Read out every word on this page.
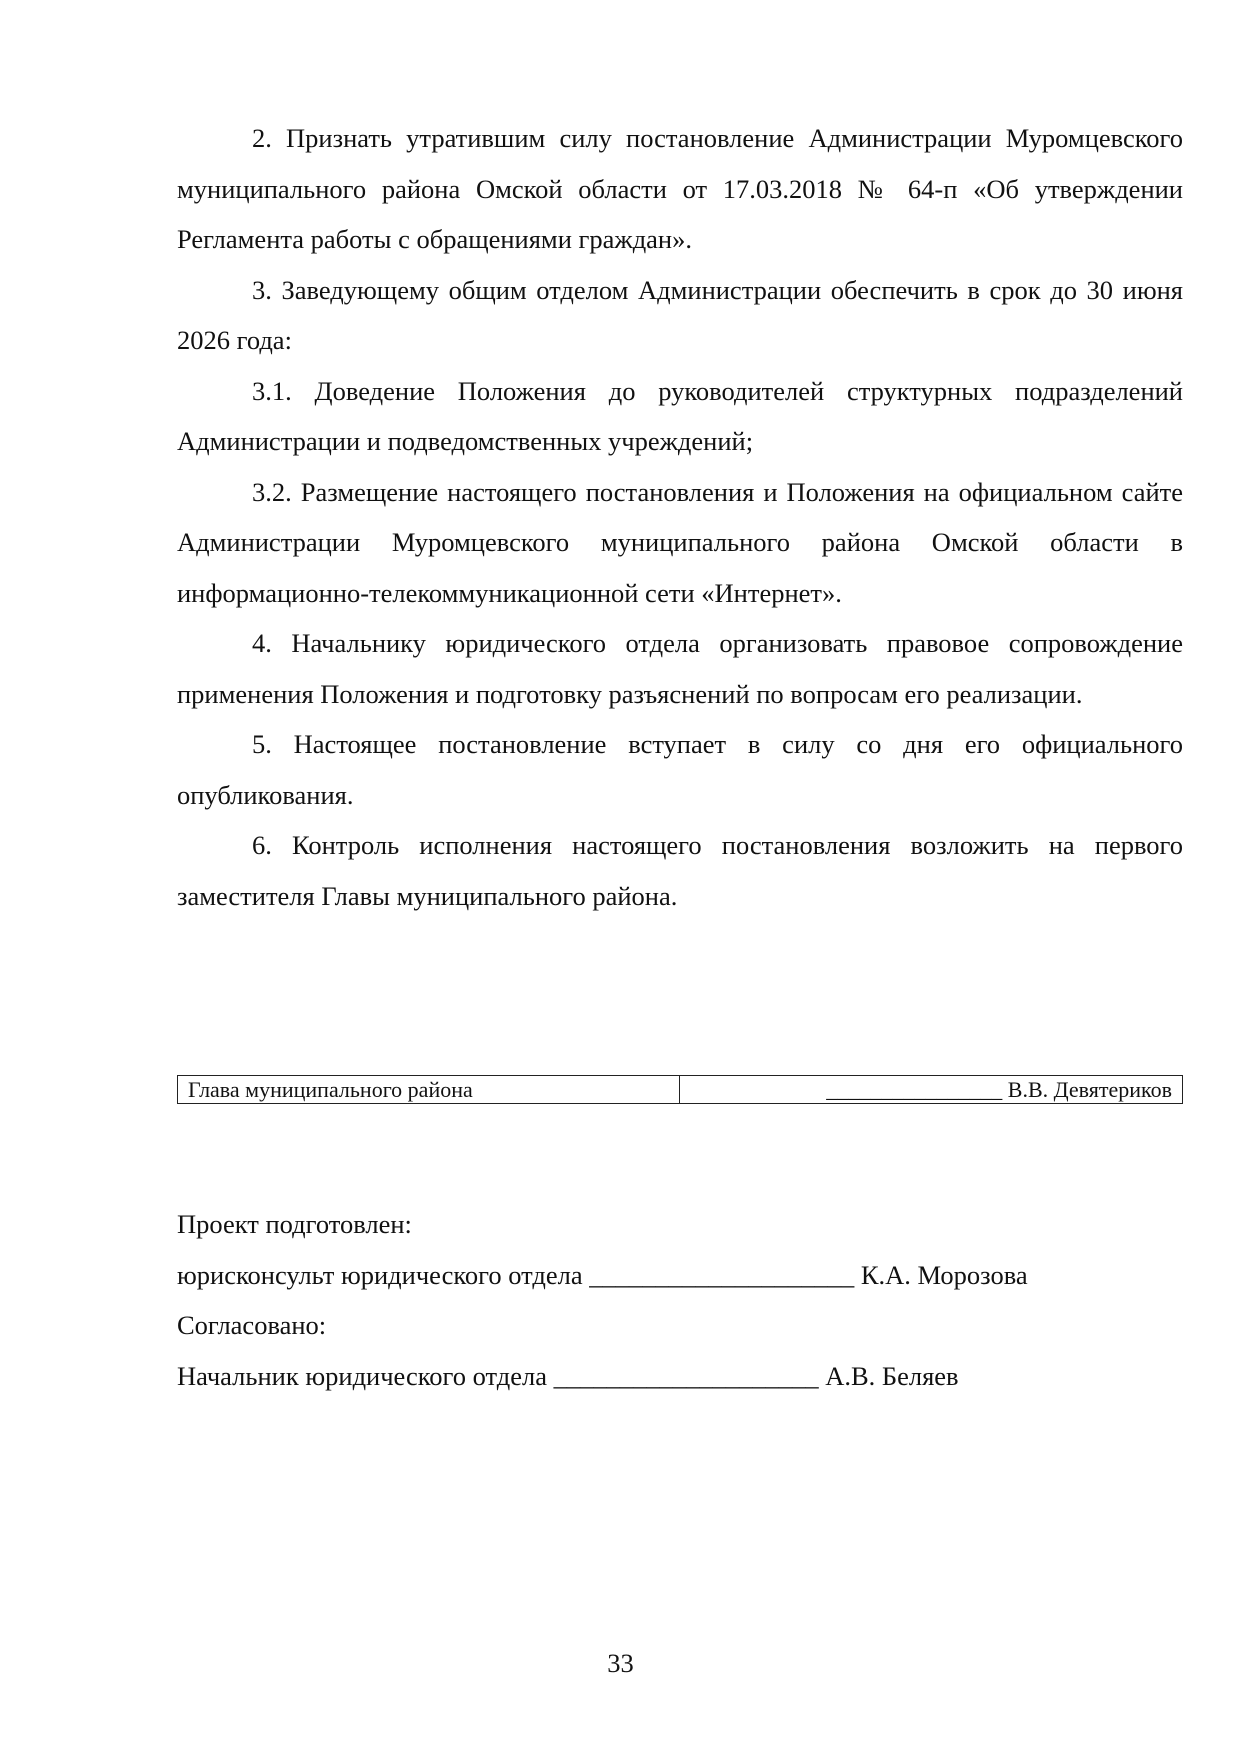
2. Признать утратившим силу постановление Администрации Муромцевского муниципального района Омской области от 17.03.2018 № 64-п «Об утверждении Регламента работы с обращениями граждан».

3. Заведующему общим отделом Администрации обеспечить в срок до 30 июня 2026 года:

3.1. Доведение Положения до руководителей структурных подразделений Администрации и подведомственных учреждений;

3.2. Размещение настоящего постановления и Положения на официальном сайте Администрации Муромцевского муниципального района Омской области в информационно-телекоммуникационной сети «Интернет».

4. Начальнику юридического отдела организовать правовое сопровождение применения Положения и подготовку разъяснений по вопросам его реализации.

5. Настоящее постановление вступает в силу со дня его официального опубликования.

6. Контроль исполнения настоящего постановления возложить на первого заместителя Главы муниципального района.

Глава муниципального района	________________ В.В. Девятериков

Проект подготовлен:

юрисконсульт юридического отдела ____________________ К.А. Морозова

Согласовано:

Начальник юридического отдела ____________________ А.В. Беляев

33
